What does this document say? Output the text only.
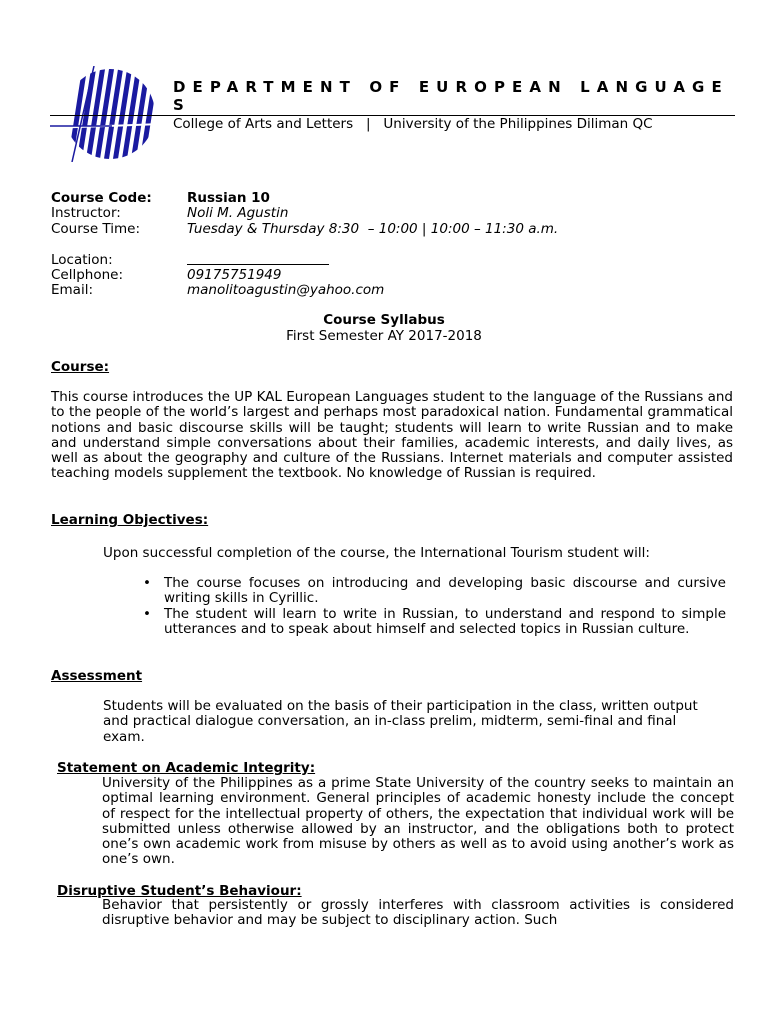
DEPARTMENT OF EUROPEAN LANGUAGES
College of Arts and Letters   |   University of the Philippines Diliman QC
Course Code:	Russian 10
Instructor:	Noli M. Agustin
Course Time:	Tuesday & Thursday 8:30  – 10:00 | 10:00 – 11:30 a.m.
Location:
Cellphone:	09175751949
Email:	manolitoagustin@yahoo.com
Course Syllabus
First Semester AY 2017-2018
Course:
This course introduces the UP KAL European Languages student to the language of the Russians and to the people of the world’s largest and perhaps most paradoxical nation. Fundamental grammatical notions and basic discourse skills will be taught; students will learn to write Russian and to make and understand simple conversations about their families, academic interests, and daily lives, as well as about the geography and culture of the Russians. Internet materials and computer assisted teaching models supplement the textbook. No knowledge of Russian is required.
Learning Objectives:
Upon successful completion of the course, the International Tourism student will:
• The course focuses on introducing and developing basic discourse and cursive writing skills in Cyrillic.
• The student will learn to write in Russian, to understand and respond to simple utterances and to speak about himself and selected topics in Russian culture.
Assessment
Students will be evaluated on the basis of their participation in the class, written output and practical dialogue conversation, an in-class prelim, midterm, semi-final and final exam.
Statement on Academic Integrity:
University of the Philippines as a prime State University of the country seeks to maintain an optimal learning environment. General principles of academic honesty include the concept of respect for the intellectual property of others, the expectation that individual work will be submitted unless otherwise allowed by an instructor, and the obligations both to protect one’s own academic work from misuse by others as well as to avoid using another’s work as one’s own.
Disruptive Student’s Behaviour:
Behavior that persistently or grossly interferes with classroom activities is considered disruptive behavior and may be subject to disciplinary action. Such
